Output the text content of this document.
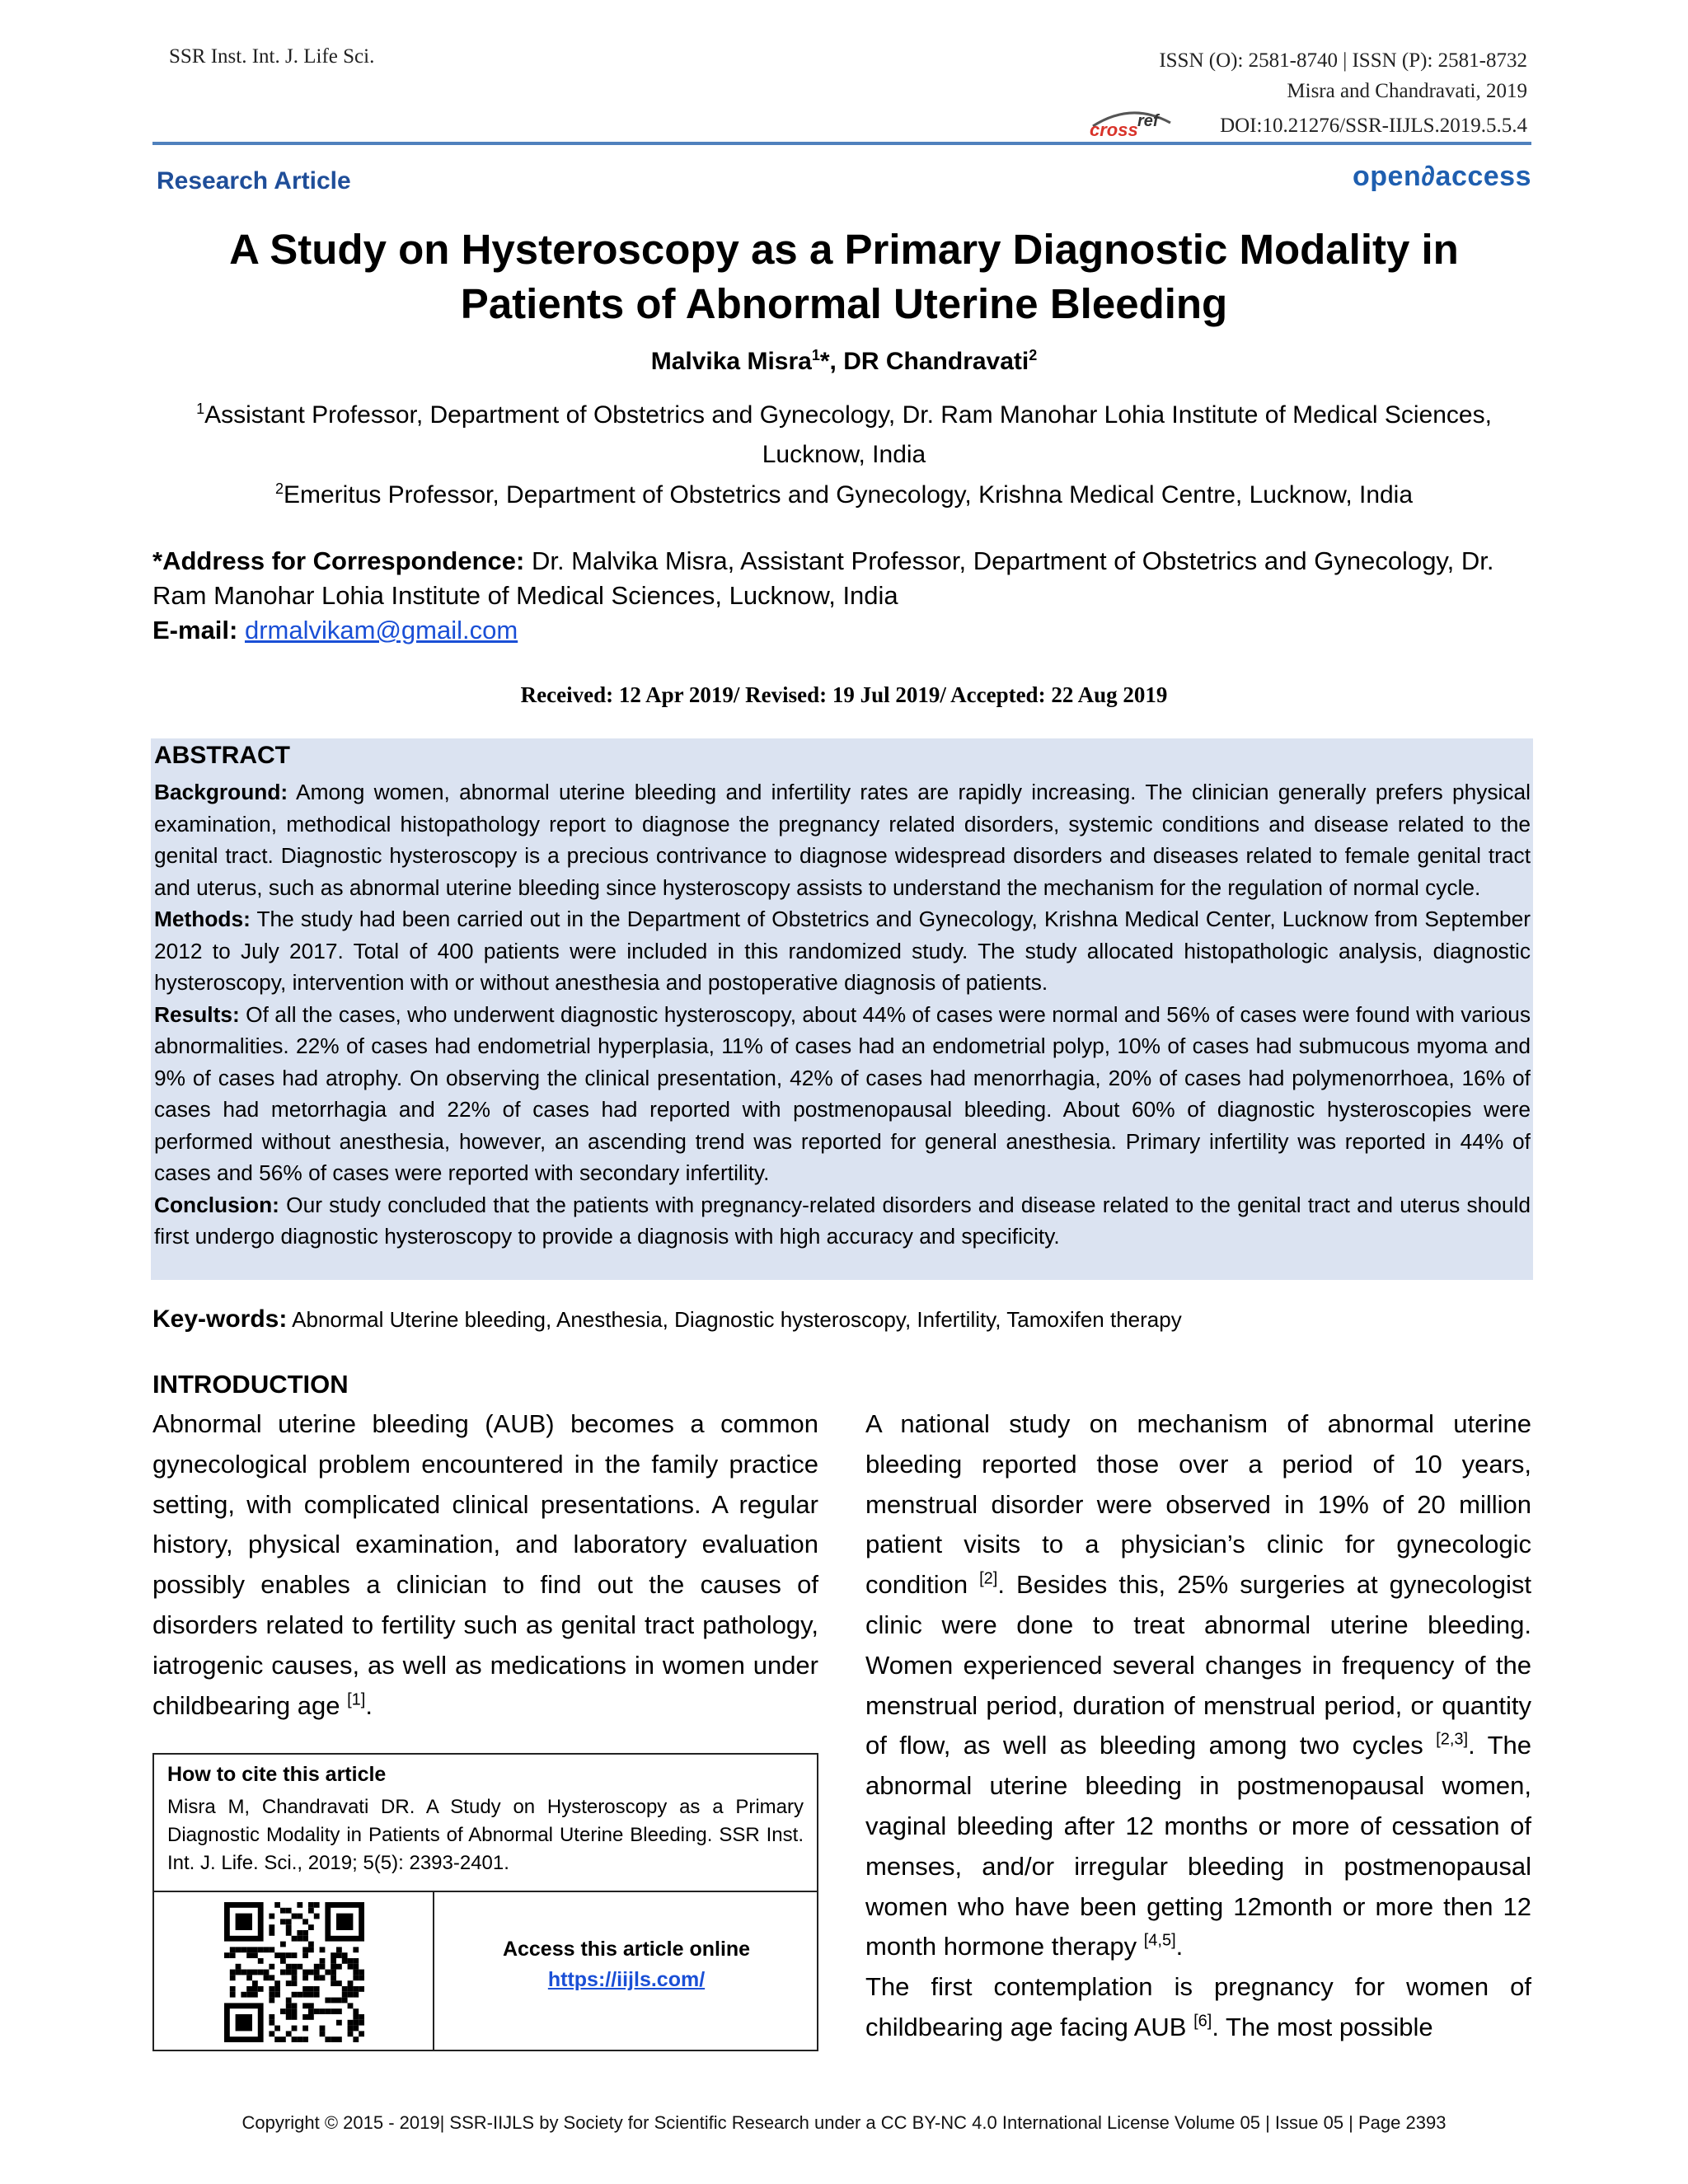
SSR Inst. Int. J. Life Sci.	ISSN (O): 2581-8740 | ISSN (P): 2581-8732
Misra and Chandravati, 2019
cross ref	DOI:10.21276/SSR-IIJLS.2019.5.5.4
Research Article	open∂access
A Study on Hysteroscopy as a Primary Diagnostic Modality in Patients of Abnormal Uterine Bleeding
Malvika Misra$^1$*, DR Chandravati$^2$
$^1$Assistant Professor, Department of Obstetrics and Gynecology, Dr. Ram Manohar Lohia Institute of Medical Sciences, Lucknow, India
$^2$Emeritus Professor, Department of Obstetrics and Gynecology, Krishna Medical Centre, Lucknow, India
*Address for Correspondence: Dr. Malvika Misra, Assistant Professor, Department of Obstetrics and Gynecology, Dr. Ram Manohar Lohia Institute of Medical Sciences, Lucknow, India
E-mail: drmalvikam@gmail.com
Received: 12 Apr 2019/ Revised: 19 Jul 2019/ Accepted: 22 Aug 2019
ABSTRACT

Background: Among women, abnormal uterine bleeding and infertility rates are rapidly increasing. The clinician generally prefers physical examination, methodical histopathology report to diagnose the pregnancy related disorders, systemic conditions and disease related to the genital tract. Diagnostic hysteroscopy is a precious contrivance to diagnose widespread disorders and diseases related to female genital tract and uterus, such as abnormal uterine bleeding since hysteroscopy assists to understand the mechanism for the regulation of normal cycle.

Methods: The study had been carried out in the Department of Obstetrics and Gynecology, Krishna Medical Center, Lucknow from September 2012 to July 2017. Total of 400 patients were included in this randomized study. The study allocated histopathologic analysis, diagnostic hysteroscopy, intervention with or without anesthesia and postoperative diagnosis of patients.

Results: Of all the cases, who underwent diagnostic hysteroscopy, about 44% of cases were normal and 56% of cases were found with various abnormalities. 22% of cases had endometrial hyperplasia, 11% of cases had an endometrial polyp, 10% of cases had submucous myoma and 9% of cases had atrophy. On observing the clinical presentation, 42% of cases had menorrhagia, 20% of cases had polymenorrhoea, 16% of cases had metorrhagia and 22% of cases had reported with postmenopausal bleeding. About 60% of diagnostic hysteroscopies were performed without anesthesia, however, an ascending trend was reported for general anesthesia. Primary infertility was reported in 44% of cases and 56% of cases were reported with secondary infertility.

Conclusion: Our study concluded that the patients with pregnancy-related disorders and disease related to the genital tract and uterus should first undergo diagnostic hysteroscopy to provide a diagnosis with high accuracy and specificity.

Key-words: Abnormal Uterine bleeding, Anesthesia, Diagnostic hysteroscopy, Infertility, Tamoxifen therapy
INTRODUCTION

Abnormal uterine bleeding (AUB) becomes a common gynecological problem encountered in the family practice setting, with complicated clinical presentations. A regular history, physical examination, and laboratory evaluation possibly enables a clinician to find out the causes of disorders related to fertility such as genital tract pathology, iatrogenic causes, as well as medications in women under childbearing age [1].

A national study on mechanism of abnormal uterine bleeding reported those over a period of 10 years, menstrual disorder were observed in 19% of 20 million patient visits to a physician’s clinic for gynecologic condition [2]. Besides this, 25% surgeries at gynecologist clinic were done to treat abnormal uterine bleeding. Women experienced several changes in frequency of the menstrual period, duration of menstrual period, or quantity of flow, as well as bleeding among two cycles [2,3]. The abnormal uterine bleeding in postmenopausal women, vaginal bleeding after 12 months or more of cessation of menses, and/or irregular bleeding in postmenopausal women who have been getting 12month or more then 12 month hormone therapy [4,5].

The first contemplation is pregnancy for women of childbearing age facing AUB [6]. The most possible

How to cite this article
Misra M, Chandravati DR. A Study on Hysteroscopy as a Primary Diagnostic Modality in Patients of Abnormal Uterine Bleeding. SSR Inst. Int. J. Life. Sci., 2019; 5(5): 2393-2401.
Access this article online
https://iijls.com/
Copyright © 2015 - 2019| SSR-IIJLS by Society for Scientific Research under a CC BY-NC 4.0 International License Volume 05 | Issue 05 | Page 2393
